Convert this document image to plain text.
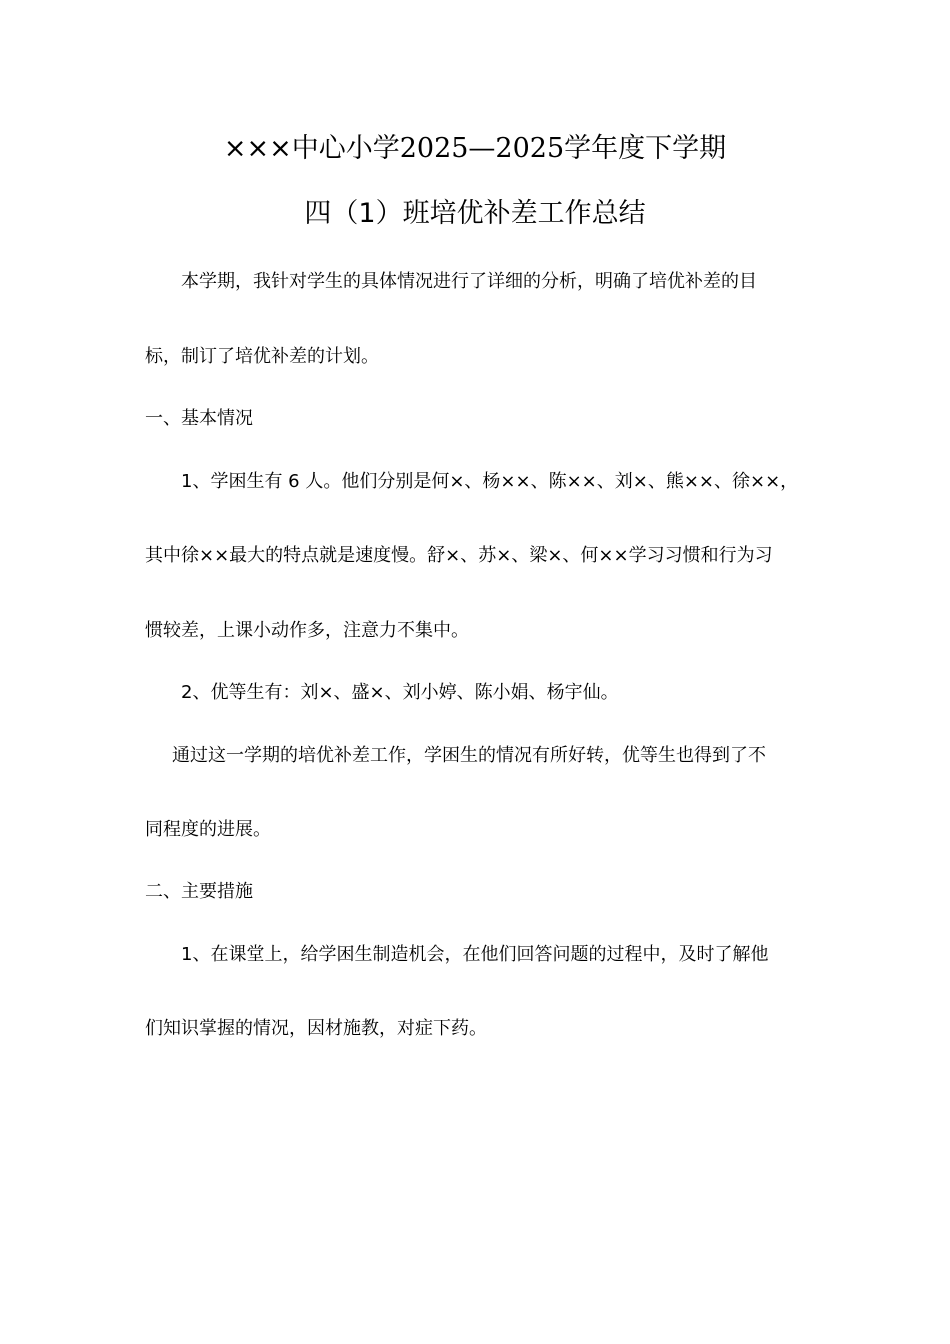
×××中心小学2025—2025学年度下学期
四（1）班培优补差工作总结
本学期，我针对学生的具体情况进行了详细的分析，明确了培优补差的目
标，制订了培优补差的计划。
一、基本情况
1、学困生有 6 人。他们分别是何×、杨××、陈××、刘×、熊××、徐××，
其中徐××最大的特点就是速度慢。舒×、苏×、梁×、何××学习习惯和行为习
惯较差，上课小动作多，注意力不集中。
2、优等生有：刘×、盛×、刘小婷、陈小娟、杨宇仙。
通过这一学期的培优补差工作，学困生的情况有所好转，优等生也得到了不
同程度的进展。
二、主要措施
1、在课堂上，给学困生制造机会，在他们回答问题的过程中，及时了解他
们知识掌握的情况，因材施教，对症下药。
